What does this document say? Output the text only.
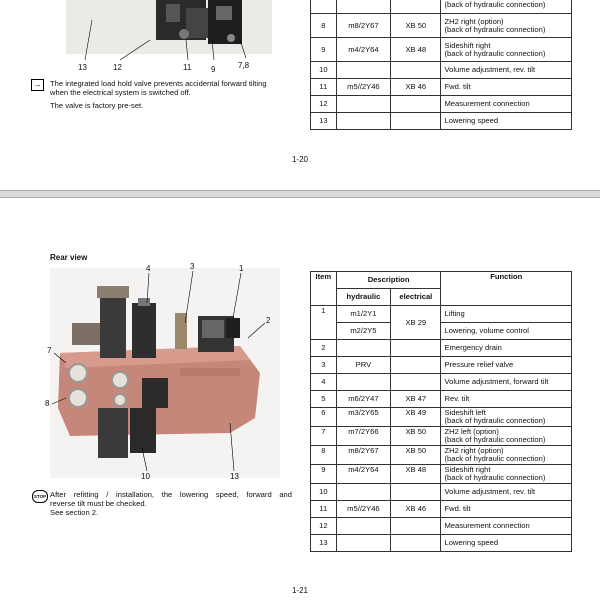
13	12	11 9	7,8
→	The integrated load hold valve prevents accidental forward tilting
when the electrical system is switched off.
The valve is factory pre-set.
			(back of hydraulic connection)
8	m8/2Y67	XB 50	ZH2 right (option)
(back of hydraulic connection)

9	m4/2Y64	XB 48	Sideshift right
(back of hydraulic connection)

10			Volume adjustment, rev. tilt
11	m5//2Y46	XB 46	Fwd. tilt
12			Measurement connection
13			Lowering speed
1-20
Rear view
4	3	1
2
7
8
10	13
STOP After refitting / installation, the lowering speed, forward and
reverse tilt must be checked.
See section 2.
Item	Description		Function
	hydraulic	electrical	
1	m1/2Y1	XB 29	Lifting
	m2/2Y5		Lowering, volume control
2			Emergency drain
3	PRV		Pressure relief valve
4			Volume adjustment, forward tilt
5	m6/2Y47	XB 47	Rev. tilt
6	m3/2Y65	XB 49	Sideshift left
(back of hydraulic connection)

7	m7/2Y66	XB 50	ZH2 left (option)
(back of hydraulic connection)

8	m8/2Y67	XB 50	ZH2 right (option)
(back of hydraulic connection)

9	m4/2Y64	XB 48	Sideshift right
(back of hydraulic connection)

10			Volume adjustment, rev. tilt
11	m5//2Y46	XB 46	Fwd. tilt
12			Measurement connection
13			Lowering speed
1-21
